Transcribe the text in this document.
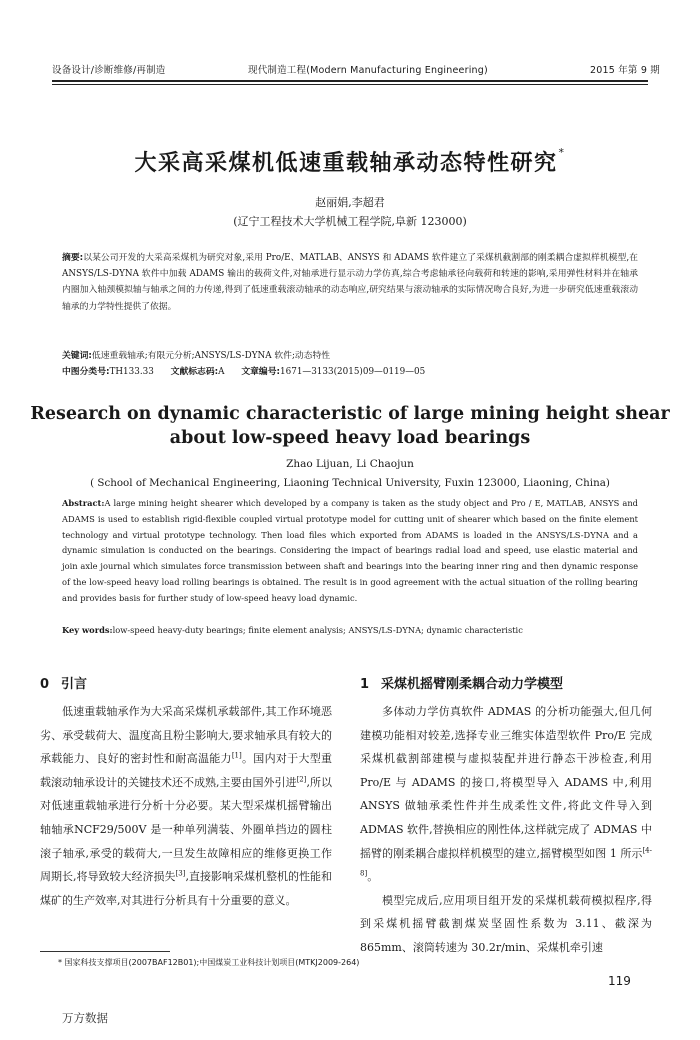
设备设计/诊断维修/再制造	现代制造工程(Modern Manufacturing Engineering)	2015 年第 9 期
大采高采煤机低速重载轴承动态特性研究*
赵丽娟,李超君
(辽宁工程技术大学机械工程学院,阜新 123000)
摘要:以某公司开发的大采高采煤机为研究对象,采用 Pro/E、MATLAB、ANSYS 和 ADAMS 软件建立了采煤机截割部的刚柔耦合虚拟样机模型,在 ANSYS/LS-DYNA 软件中加载 ADAMS 输出的载荷文件,对轴承进行显示动力学仿真,综合考虑轴承径向载荷和转速的影响,采用弹性材料并在轴承内圈加入轴颈模拟轴与轴承之间的力传递,得到了低速重载滚动轴承的动态响应,研究结果与滚动轴承的实际情况吻合良好,为进一步研究低速重载滚动轴承的力学特性提供了依据。
关键词:低速重载轴承;有限元分析;ANSYS/LS-DYNA 软件;动态特性
中图分类号:TH133.33 文献标志码:A 文章编号:1671—3133(2015)09—0119—05
Research on dynamic characteristic of large mining height shear
about low-speed heavy load bearings
Zhao Lijuan, Li Chaojun
( School of Mechanical Engineering, Liaoning Technical University, Fuxin 123000, Liaoning, China)
Abstract:A large mining height shearer which developed by a company is taken as the study object and Pro / E, MATLAB, ANSYS and ADAMS is used to establish rigid-flexible coupled virtual prototype model for cutting unit of shearer which based on the finite element technology and virtual prototype technology. Then load files which exported from ADAMS is loaded in the ANSYS/LS-DYNA and a dynamic simulation is conducted on the bearings. Considering the impact of bearings radial load and speed, use elastic material and join axle journal which simulates force transmission between shaft and bearings into the bearing inner ring and then dynamic response of the low-speed heavy load rolling bearings is obtained. The result is in good agreement with the actual situation of the rolling bearing and provides basis for further study of low-speed heavy load dynamic.
Key words:low-speed heavy-duty bearings; finite element analysis; ANSYS/LS-DYNA; dynamic characteristic
0 引言	1 采煤机摇臂刚柔耦合动力学模型

低速重载轴承作为大采高采煤机承载部件,其工作环境恶劣、承受载荷大、温度高且粉尘影响大,要求轴承具有较大的承载能力、良好的密封性和耐高温能力[1]。国内对于大型重载滚动轴承设计的关键技术还不成熟,主要由国外引进[2],所以对低速重载轴承进行分析十分必要。某大型采煤机摇臂输出轴轴承NCF29/500V 是一种单列满装、外圈单挡边的圆柱滚子轴承,承受的载荷大,一旦发生故障相应的维修更换工作周期长,将导致较大经济损失[3],直接影响采煤机整机的性能和煤矿的生产效率,对其进行分析具有十分重要的意义。

多体动力学仿真软件 ADMAS 的分析功能强大,但几何建模功能相对较差,选择专业三维实体造型软件 Pro/E 完成采煤机截割部建模与虚拟装配并进行静态干涉检查,利用 Pro/E 与 ADAMS 的接口,将模型导入 ADAMS 中,利用 ANSYS 做轴承柔性件并生成柔性文件,将此文件导入到 ADMAS 软件,替换相应的刚性体,这样就完成了 ADMAS 中摇臂的刚柔耦合虚拟样机模型的建立,摇臂模型如图 1 所示[4-8]。

模型完成后,应用项目组开发的采煤机载荷模拟程序,得到采煤机摇臂截割煤炭坚固性系数为 3.11、截深为 865mm、滚筒转速为 30.2r/min、采煤机牵引速

* 国家科技支撑项目(2007BAF12B01);中国煤炭工业科技计划项目(MTKJ2009-264)
119
万方数据
